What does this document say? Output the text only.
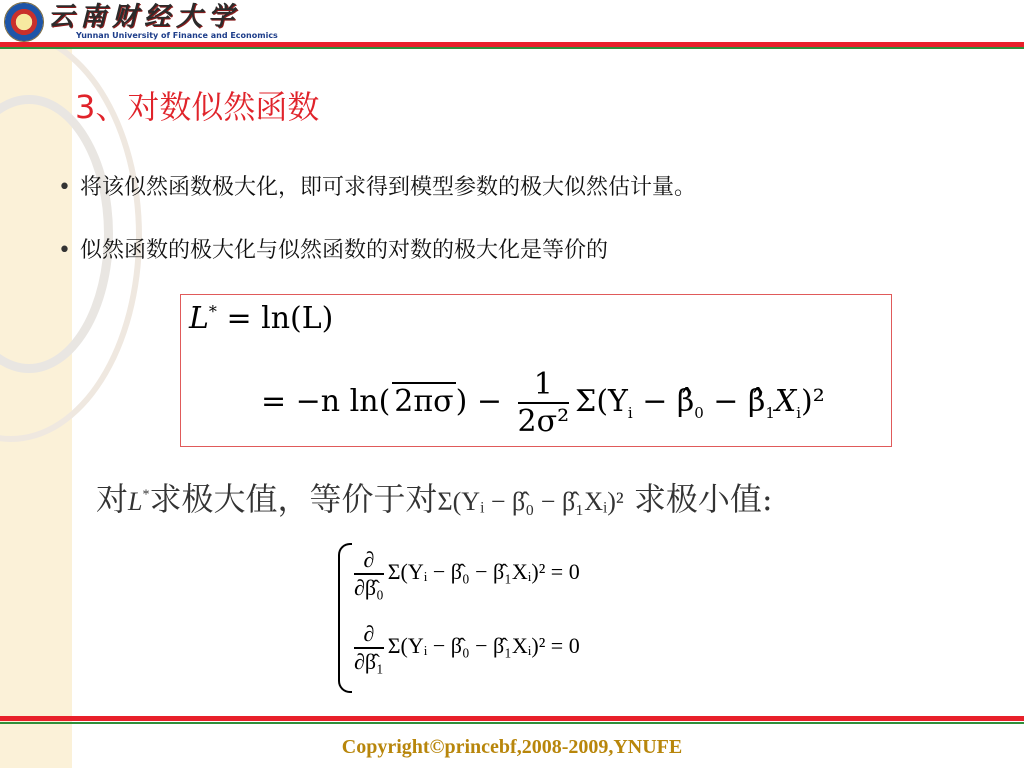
云南财经大学
Yunnan University of Finance and Economics
3、对数似然函数
• 将该似然函数极大化，即可求得到模型参数的极大似然估计量。
• 似然函数的极大化与似然函数的对数的极大化是等价的
L* = ln(L)
= −n ln( $2\pi\sigma) - \frac{1}{\text{2σ²}} \Sigma(Y_i$ − $\betâ_0$ − $\betâ_1X_i)^2$
对L*求极大值，等价于对Σ(Yᵢ − β̂₀ − β̂₁Xᵢ)² 求极小值:
$\frac{\partial}{\text{∂β̂₀}}$ Σ(Yᵢ − β̂₀ − β̂₁Xᵢ)² = 0
$\frac{\partial}{\text{∂β̂₁}}$ Σ(Yᵢ − β̂₀ − β̂₁Xᵢ)² = 0
Copyright©princebf,2008-2009,YNUFE
